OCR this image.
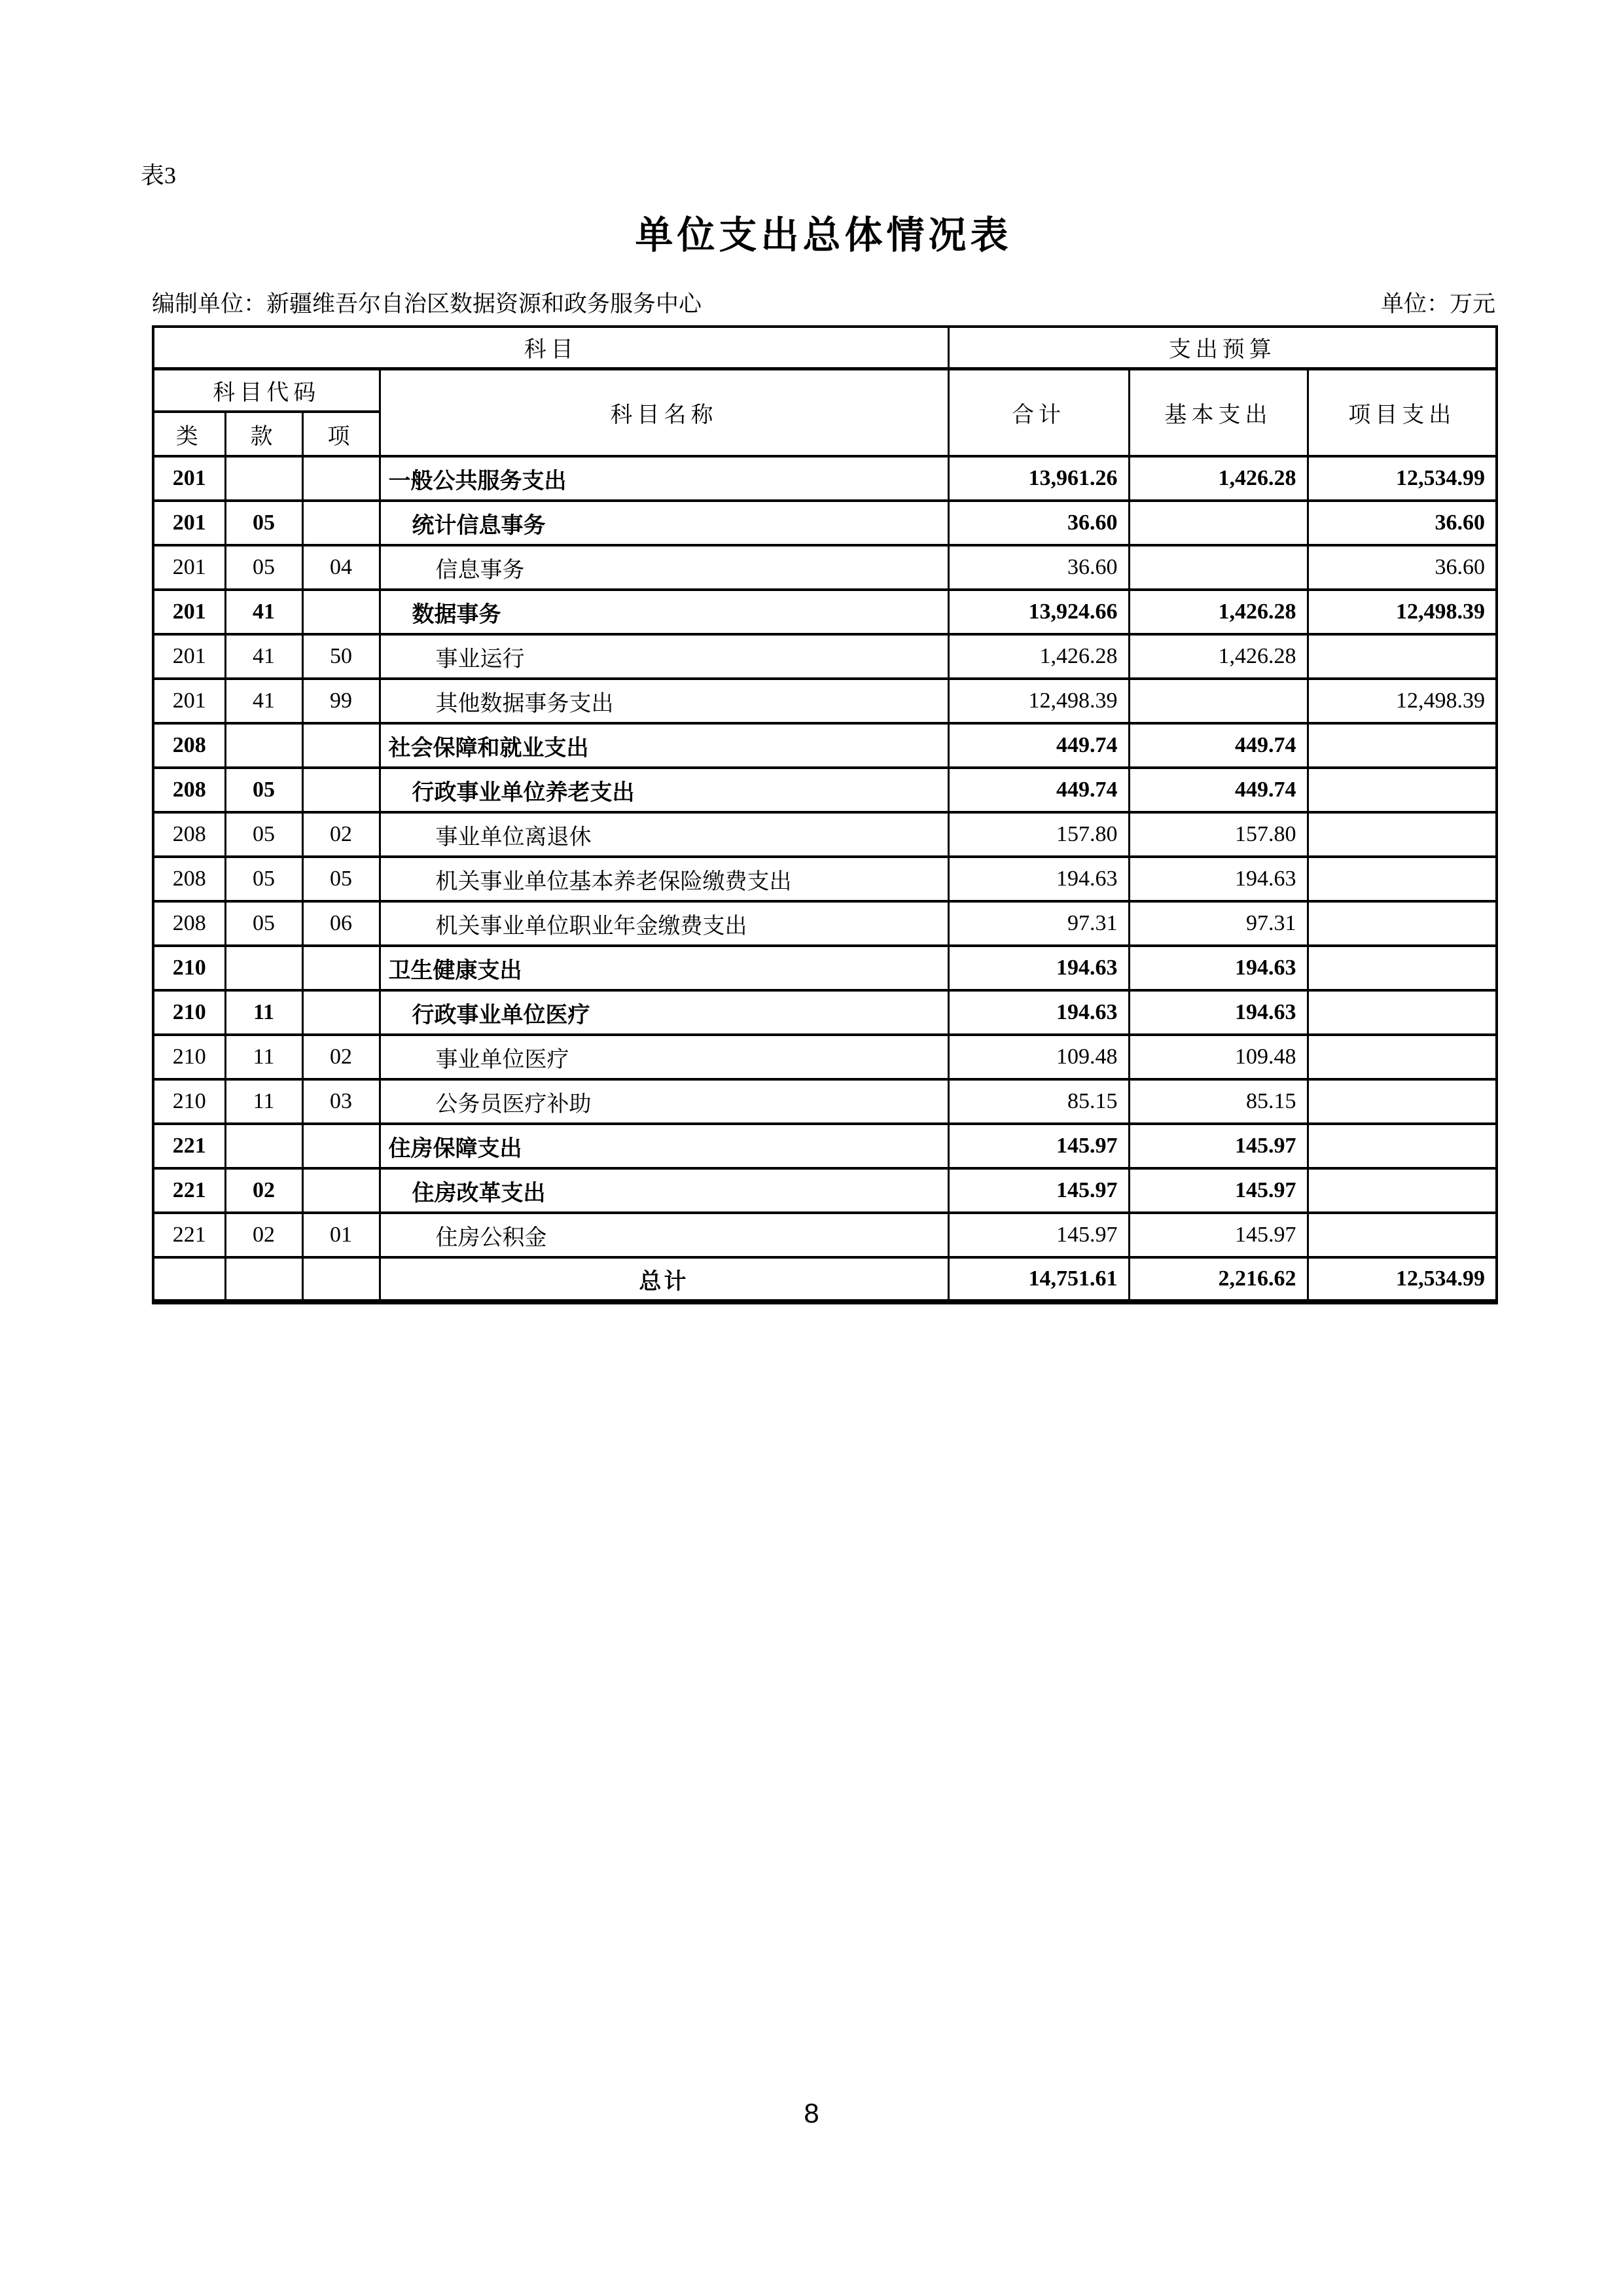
表3
单位支出总体情况表
编制单位：新疆维吾尔自治区数据资源和政务服务中心	单位：万元
科目				支出预算		
科目代码			科目名称	合计	基本支出	项目支出
类	款	项				
201			一般公共服务支出	13,961.26	1,426.28	12,534.99
201	05		统计信息事务	36.60		36.60
201	05	04	信息事务	36.60		36.60
201	41		数据事务	13,924.66	1,426.28	12,498.39
201	41	50	事业运行	1,426.28	1,426.28	
201	41	99	其他数据事务支出	12,498.39		12,498.39
208			社会保障和就业支出	449.74	449.74	
208	05		行政事业单位养老支出	449.74	449.74	
208	05	02	事业单位离退休	157.80	157.80	
208	05	05	机关事业单位基本养老保险缴费支出	194.63	194.63	
208	05	06	机关事业单位职业年金缴费支出	97.31	97.31	
210			卫生健康支出	194.63	194.63	
210	11		行政事业单位医疗	194.63	194.63	
210	11	02	事业单位医疗	109.48	109.48	
210	11	03	公务员医疗补助	85.15	85.15	
221			住房保障支出	145.97	145.97	
221	02		住房改革支出	145.97	145.97	
221	02	01	住房公积金	145.97	145.97	
			总计	14,751.61	2,216.62	12,534.99
8
